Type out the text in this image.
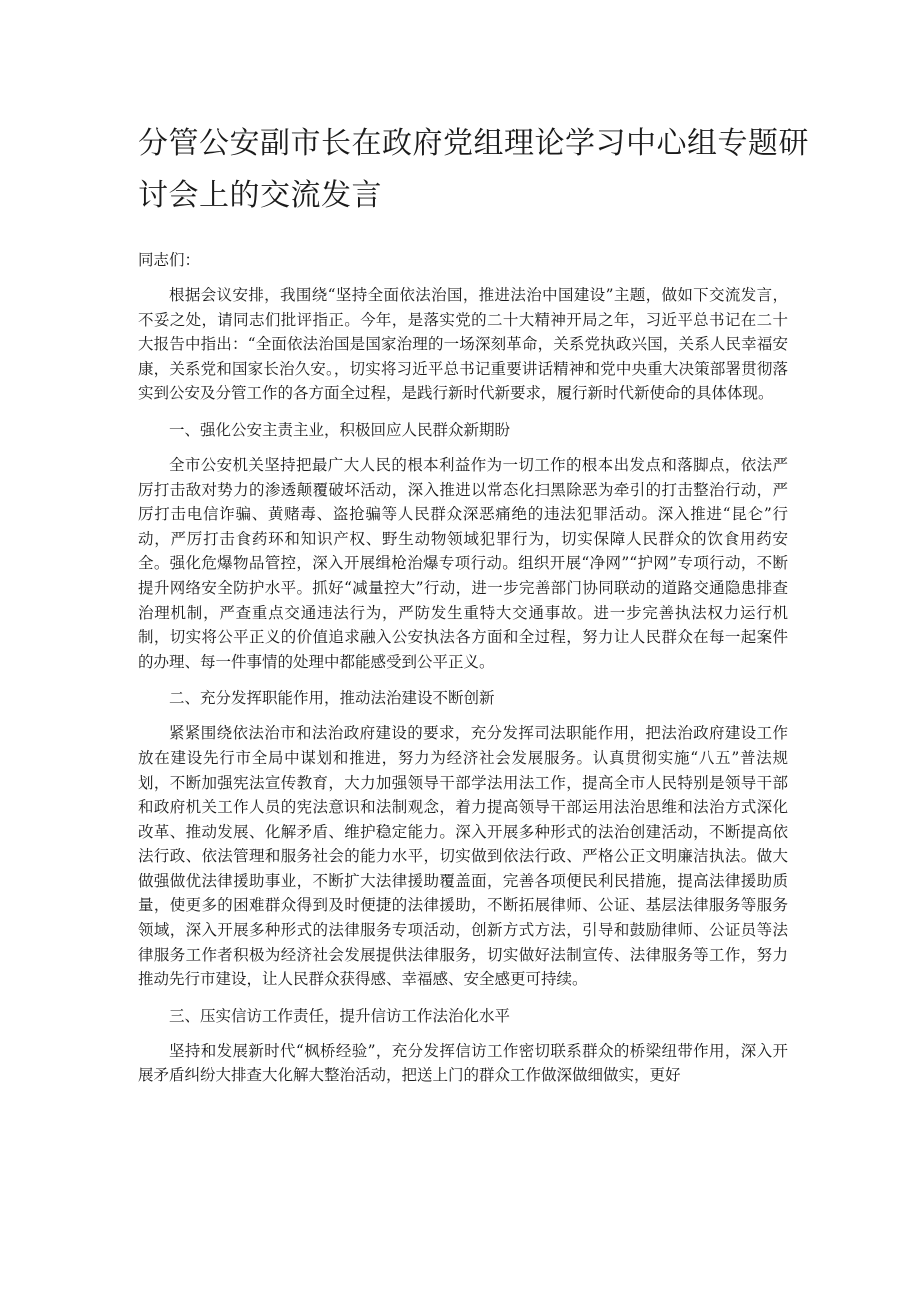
分管公安副市长在政府党组理论学习中心组专题研
讨会上的交流发言

同志们：

根据会议安排，我围绕“坚持全面依法治国，推进法治中国建设”主题，做如下交流发言，不妥之处，请同志们批评指正。今年，是落实党的二十大精神开局之年，习近平总书记在二十大报告中指出：“全面依法治国是国家治理的一场深刻革命，关系党执政兴国，关系人民幸福安康，关系党和国家长治久安。，切实将习近平总书记重要讲话精神和党中央重大决策部署贯彻落实到公安及分管工作的各方面全过程，是践行新时代新要求，履行新时代新使命的具体体现。

一、强化公安主责主业，积极回应人民群众新期盼

全市公安机关坚持把最广大人民的根本利益作为一切工作的根本出发点和落脚点，依法严厉打击敌对势力的渗透颠覆破坏活动，深入推进以常态化扫黑除恶为牵引的打击整治行动，严厉打击电信诈骗、黄赌毒、盗抢骗等人民群众深恶痛绝的违法犯罪活动。深入推进“昆仑”行动，严厉打击食药环和知识产权、野生动物领域犯罪行为，切实保障人民群众的饮食用药安全。强化危爆物品管控，深入开展缉枪治爆专项行动。组织开展“净网”“护网”专项行动，不断提升网络安全防护水平。抓好“减量控大”行动，进一步完善部门协同联动的道路交通隐患排查治理机制，严查重点交通违法行为，严防发生重特大交通事故。进一步完善执法权力运行机制，切实将公平正义的价值追求融入公安执法各方面和全过程，努力让人民群众在每一起案件的办理、每一件事情的处理中都能感受到公平正义。

二、充分发挥职能作用，推动法治建设不断创新

紧紧围绕依法治市和法治政府建设的要求，充分发挥司法职能作用，把法治政府建设工作放在建设先行市全局中谋划和推进，努力为经济社会发展服务。认真贯彻实施“八五”普法规划，不断加强宪法宣传教育，大力加强领导干部学法用法工作，提高全市人民特别是领导干部和政府机关工作人员的宪法意识和法制观念，着力提高领导干部运用法治思维和法治方式深化改革、推动发展、化解矛盾、维护稳定能力。深入开展多种形式的法治创建活动，不断提高依法行政、依法管理和服务社会的能力水平，切实做到依法行政、严格公正文明廉洁执法。做大做强做优法律援助事业，不断扩大法律援助覆盖面，完善各项便民利民措施，提高法律援助质量，使更多的困难群众得到及时便捷的法律援助，不断拓展律师、公证、基层法律服务等服务领域，深入开展多种形式的法律服务专项活动，创新方式方法，引导和鼓励律师、公证员等法律服务工作者积极为经济社会发展提供法律服务，切实做好法制宣传、法律服务等工作，努力推动先行市建设，让人民群众获得感、幸福感、安全感更可持续。

三、压实信访工作责任，提升信访工作法治化水平

坚持和发展新时代“枫桥经验”，充分发挥信访工作密切联系群众的桥梁纽带作用，深入开展矛盾纠纷大排查大化解大整治活动，把送上门的群众工作做深做细做实，更好
